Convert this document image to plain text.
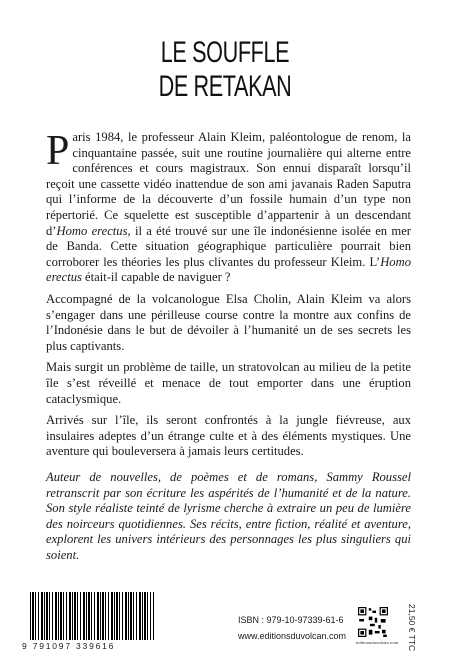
LE SOUFFLE
DE RETAKAN

Paris 1984, le professeur Alain Kleim, paléontologue de renom, la cinquantaine passée, suit une routine journalière qui alterne entre conférences et cours magistraux. Son ennui disparaît lorsqu’il reçoit une cassette vidéo inattendue de son ami javanais Raden Saputra qui l’informe de la découverte d’un fossile humain d’un type non répertorié. Ce squelette est susceptible d’appartenir à un descendant d’Homo erectus, il a été trouvé sur une île indonésienne isolée en mer de Banda. Cette situation géographique particulière pourrait bien corroborer les théories les plus clivantes du professeur Kleim. L’Homo erectus était-il capable de naviguer ?

Accompagné de la volcanologue Elsa Cholin, Alain Kleim va alors s’engager dans une périlleuse course contre la montre aux confins de l’Indonésie dans le but de dévoiler à l’humanité un de ses secrets les plus captivants.

Mais surgit un problème de taille, un stratovolcan au milieu de la petite île s’est réveillé et menace de tout emporter dans une éruption cataclysmique.

Arrivés sur l’île, ils seront confrontés à la jungle fiévreuse, aux insulaires adeptes d’un étrange culte et à des éléments mystiques. Une aventure qui bouleversera à jamais leurs certitudes.

Auteur de nouvelles, de poèmes et de romans, Sammy Roussel retranscrit par son écriture les aspérités de l’humanité et de la nature. Son style réaliste teinté de lyrisme cherche à extraire un peu de lumière des noirceurs quotidiennes. Ses récits, entre fiction, réalité et aventure, explorent les univers intérieurs des personnages les plus singuliers qui soient.
9 791097 339616
ISBN : 979-10-97339-61-6
www.editionsduvolcan.com
editionsduvolcan.com 21,50 € TTC
